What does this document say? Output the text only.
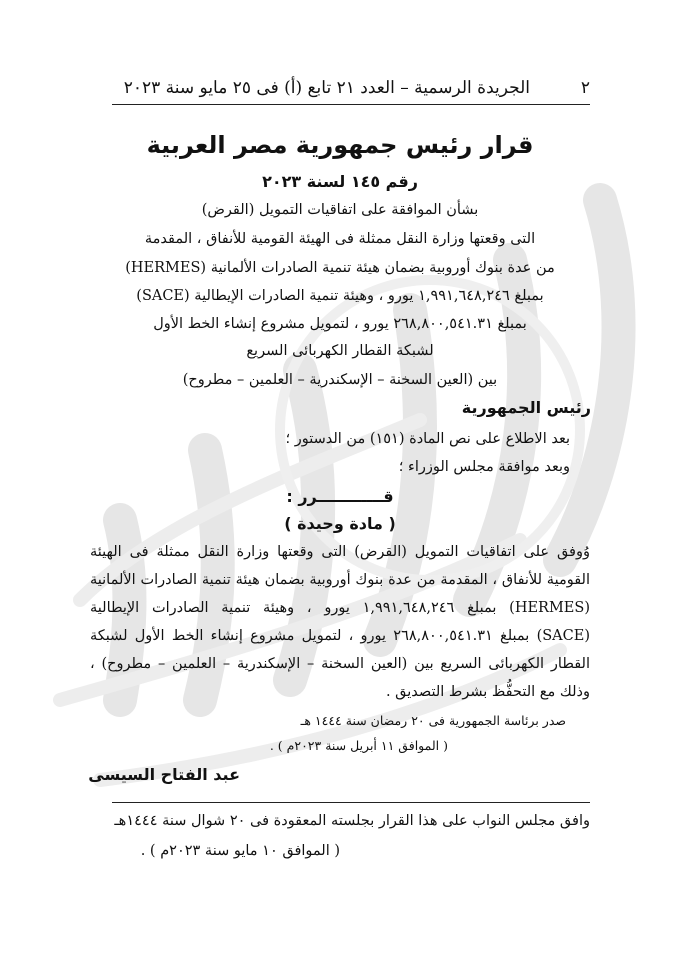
٢
الجريدة الرسمية – العدد ٢١ تابع (أ) فى ٢٥ مايو سنة ٢٠٢٣
قرار رئيس جمهورية مصر العربية
رقم ١٤٥ لسنة ٢٠٢٣
بشأن الموافقة على اتفاقيات التمويل (القرض)
التى وقعتها وزارة النقل ممثلة فى الهيئة القومية للأنفاق ، المقدمة
من عدة بنوك أوروبية بضمان هيئة تنمية الصادرات الألمانية (HERMES)
بمبلغ ١,٩٩١,٦٤٨,٢٤٦ يورو ، وهيئة تنمية الصادرات الإيطالية (SACE)
بمبلغ ٢٦٨,٨٠٠,٥٤١.٣١ يورو ، لتمويل مشروع إنشاء الخط الأول
لشبكة القطار الكهربائى السريع
بين (العين السخنة – الإسكندرية – العلمين – مطروح)
رئيس الجمهورية
بعد الاطلاع على نص المادة (١٥١) من الدستور ؛
وبعد موافقة مجلس الوزراء ؛
قــــــــــــرر :
( مادة وحيدة )
وُوفق على اتفاقيات التمويل (القرض) التى وقعتها وزارة النقل ممثلة فى الهيئة
القومية للأنفاق ، المقدمة من عدة بنوك أوروبية بضمان هيئة تنمية الصادرات الألمانية
(HERMES) بمبلغ ١,٩٩١,٦٤٨,٢٤٦ يورو ، وهيئة تنمية الصادرات الإيطالية
(SACE) بمبلغ ٢٦٨,٨٠٠,٥٤١.٣١ يورو ، لتمويل مشروع إنشاء الخط الأول لشبكة
القطار الكهربائى السريع بين (العين السخنة – الإسكندرية – العلمين – مطروح) ،
وذلك مع التحفُّظ بشرط التصديق .
صدر برئاسة الجمهورية فى ٢٠ رمضان سنة ١٤٤٤ هـ
( الموافق ١١ أبريل سنة ٢٠٢٣م ) .
عبد الفتاح السيسى
وافق مجلس النواب على هذا القرار بجلسته المعقودة فى ٢٠ شوال سنة ١٤٤٤هـ
( الموافق ١٠ مايو سنة ٢٠٢٣م ) .
